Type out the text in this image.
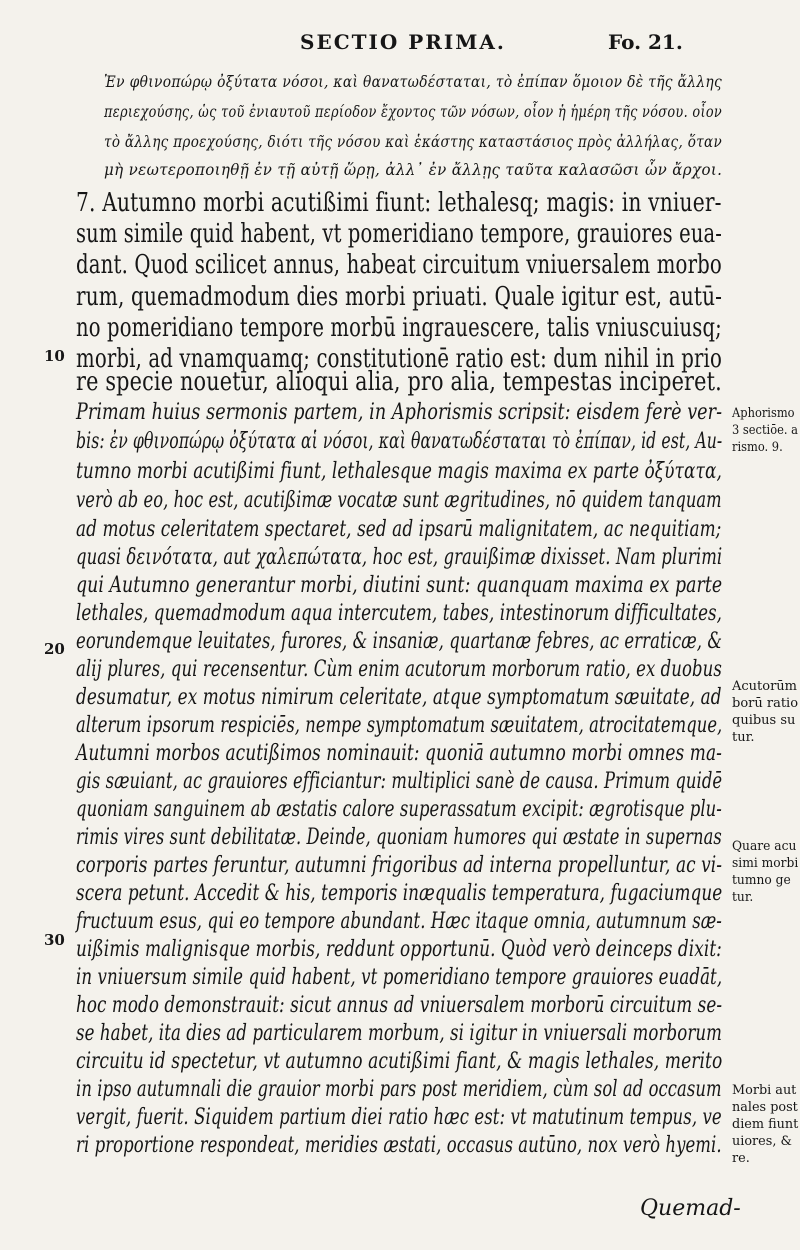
SECTIO PRIMA.	Fo. 21.
Ἐν φθινοπώρῳ ὀξύτατα νόσοι, καὶ θανατωδέσταται, τὸ ἐπίπαν ὅμοιον δὲ τῆς ἄλλης
περιεχούσης, ὡς τοῦ ἐνιαυτοῦ περίοδον ἔχοντος τῶν νόσων, οἷον ἡ ἡμέρη τῆς νόσου. οἷον
τὸ ἄλλης προεχούσης, διότι τῆς νόσου καὶ ἑκάστης καταστάσιος πρὸς ἀλλήλας, ὅταν
μὴ νεωτεροποιηθῇ ἐν τῇ αὐτῇ ὥρῃ, ἀλλ᾽ ἐν ἄλλῃς ταῦτα καλασῶσι ὧν ἄρχοι.
7. Autumno morbi acutißimi fiunt: lethalesq; magis: in vniuer-
sum simile quid habent, vt pomeridiano tempore, grauiores eua-
dant. Quod scilicet annus, habeat circuitum vniuersalem morbo
rum, quemadmodum dies morbi priuati. Quale igitur est, autū-
no pomeridiano tempore morbū ingrauescere, talis vniuscuiusq;
morbi, ad vnamquamq; constitutionē ratio est: dum nihil in prio
re specie nouetur, alioqui alia, pro alia, tempestas inciperet.
Primam huius sermonis partem, in Aphorismis scripsit: eisdem ferè ver-
bis: ἐν φθινοπώρῳ ὀξύτατα αἱ νόσοι, καὶ θανατωδέσταται τὸ ἐπίπαν, id est, Au-
tumno morbi acutißimi fiunt, lethalesque magis maxima ex parte ὀξύτατα,
verò ab eo, hoc est, acutißimæ vocatæ sunt ægritudines, nō quidem tanquam
ad motus celeritatem spectaret, sed ad ipsarū malignitatem, ac nequitiam;
quasi δεινότατα, aut χαλεπώτατα, hoc est, grauißimæ dixisset. Nam plurimi
qui Autumno generantur morbi, diutini sunt: quanquam maxima ex parte
lethales, quemadmodum aqua intercutem, tabes, intestinorum difficultates,
eorundemque leuitates, furores, & insaniæ, quartanæ febres, ac erraticæ, &
alij plures, qui recensentur. Cùm enim acutorum morborum ratio, ex duobus
desumatur, ex motus nimirum celeritate, atque symptomatum sæuitate, ad
alterum ipsorum respiciēs, nempe symptomatum sæuitatem, atrocitatemque,
Autumni morbos acutißimos nominauit: quoniā autumno morbi omnes ma-
gis sæuiant, ac grauiores efficiantur: multiplici sanè de causa. Primum quidē
quoniam sanguinem ab æstatis calore superassatum excipit: ægrotisque plu-
rimis vires sunt debilitatæ. Deinde, quoniam humores qui æstate in supernas
corporis partes feruntur, autumni frigoribus ad interna propelluntur, ac vi-
scera petunt. Accedit & his, temporis inæqualis temperatura, fugaciumque
fructuum esus, qui eo tempore abundant. Hæc itaque omnia, autumnum sæ-
uißimis malignisque morbis, reddunt opportunū. Quòd verò deinceps dixit:
in vniuersum simile quid habent, vt pomeridiano tempore grauiores euadāt,
hoc modo demonstrauit: sicut annus ad vniuersalem morborū circuitum se-
se habet, ita dies ad particularem morbum, si igitur in vniuersali morborum
circuitu id spectetur, vt autumno acutißimi fiant, & magis lethales, merito
in ipso autumnali die grauior morbi pars post meridiem, cùm sol ad occasum
vergit, fuerit. Siquidem partium diei ratio hæc est: vt matutinum tempus, ve
ri proportione respondeat, meridies æstati, occasus autūno, nox verò hyemi.
Quemad-
10
20
30
Aphorismo
3 sectiōe. a
rismo. 9.
Acutorūm
borū ratio
quibus su
tur.
Quare acu
simi morbi
tumno ge
tur.
Morbi aut
nales post
diem fiunt
uiores, &
re.
